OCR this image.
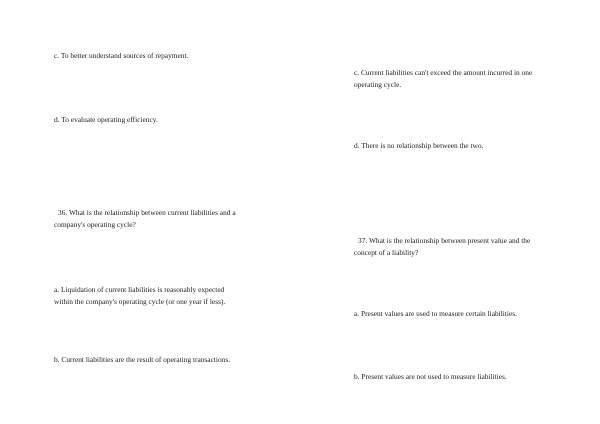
c. To better understand sources of repayment.

d. To evaluate operating efficiency.

36. What is the relationship between current liabilities and a
company's operating cycle?

a. Liquidation of current liabilities is reasonably expected
within the company's operating cycle (or one year if less).

b. Current liabilities are the result of operating transactions.

c. Current liabilities can't exceed the amount incurred in one
operating cycle.

d. There is no relationship between the two.

37. What is the relationship between present value and the
concept of a liability?

a. Present values are used to measure certain liabilities.

b. Present values are not used to measure liabilities.
